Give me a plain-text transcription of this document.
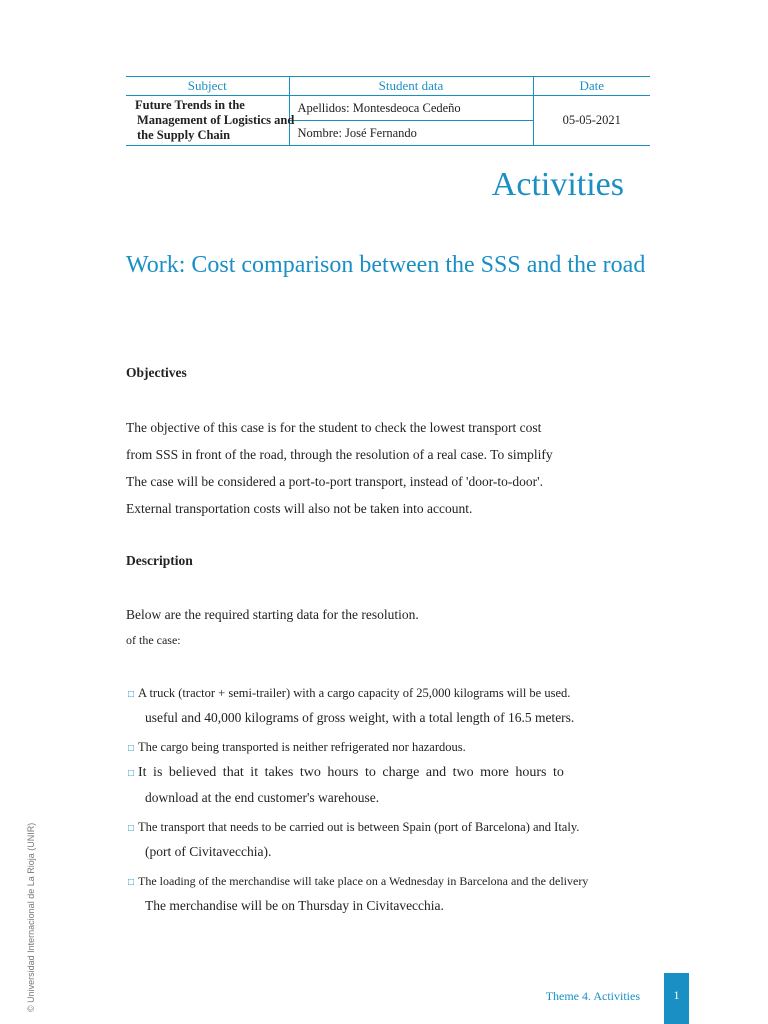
Subject	Student data	Date

Future Trends in the
Management of Logistics and
the Supply Chain	Apellidos: Montesdeoca Cedeño	05-05-2021
	Nombre: José Fernando	
Activities
Work: Cost comparison between the SSS and the road
Objectives
The objective of this case is for the student to check the lowest transport cost
from SSS in front of the road, through the resolution of a real case. To simplify
The case will be considered a port-to-port transport, instead of 'door-to-door'.
External transportation costs will also not be taken into account.
Description
Below are the required starting data for the resolution.
of the case:
□ A truck (tractor + semi-trailer) with a cargo capacity of 25,000 kilograms will be used.
useful and 40,000 kilograms of gross weight, with a total length of 16.5 meters.
□ The cargo being transported is neither refrigerated nor hazardous.
□ It is believed that it takes two hours to charge and two more hours to
download at the end customer's warehouse.
□ The transport that needs to be carried out is between Spain (port of Barcelona) and Italy.
(port of Civitavecchia).
□ The loading of the merchandise will take place on a Wednesday in Barcelona and the delivery
The merchandise will be on Thursday in Civitavecchia.
© Universidad Internacional de La Rioja (UNIR)	Theme 4. Activities	1
